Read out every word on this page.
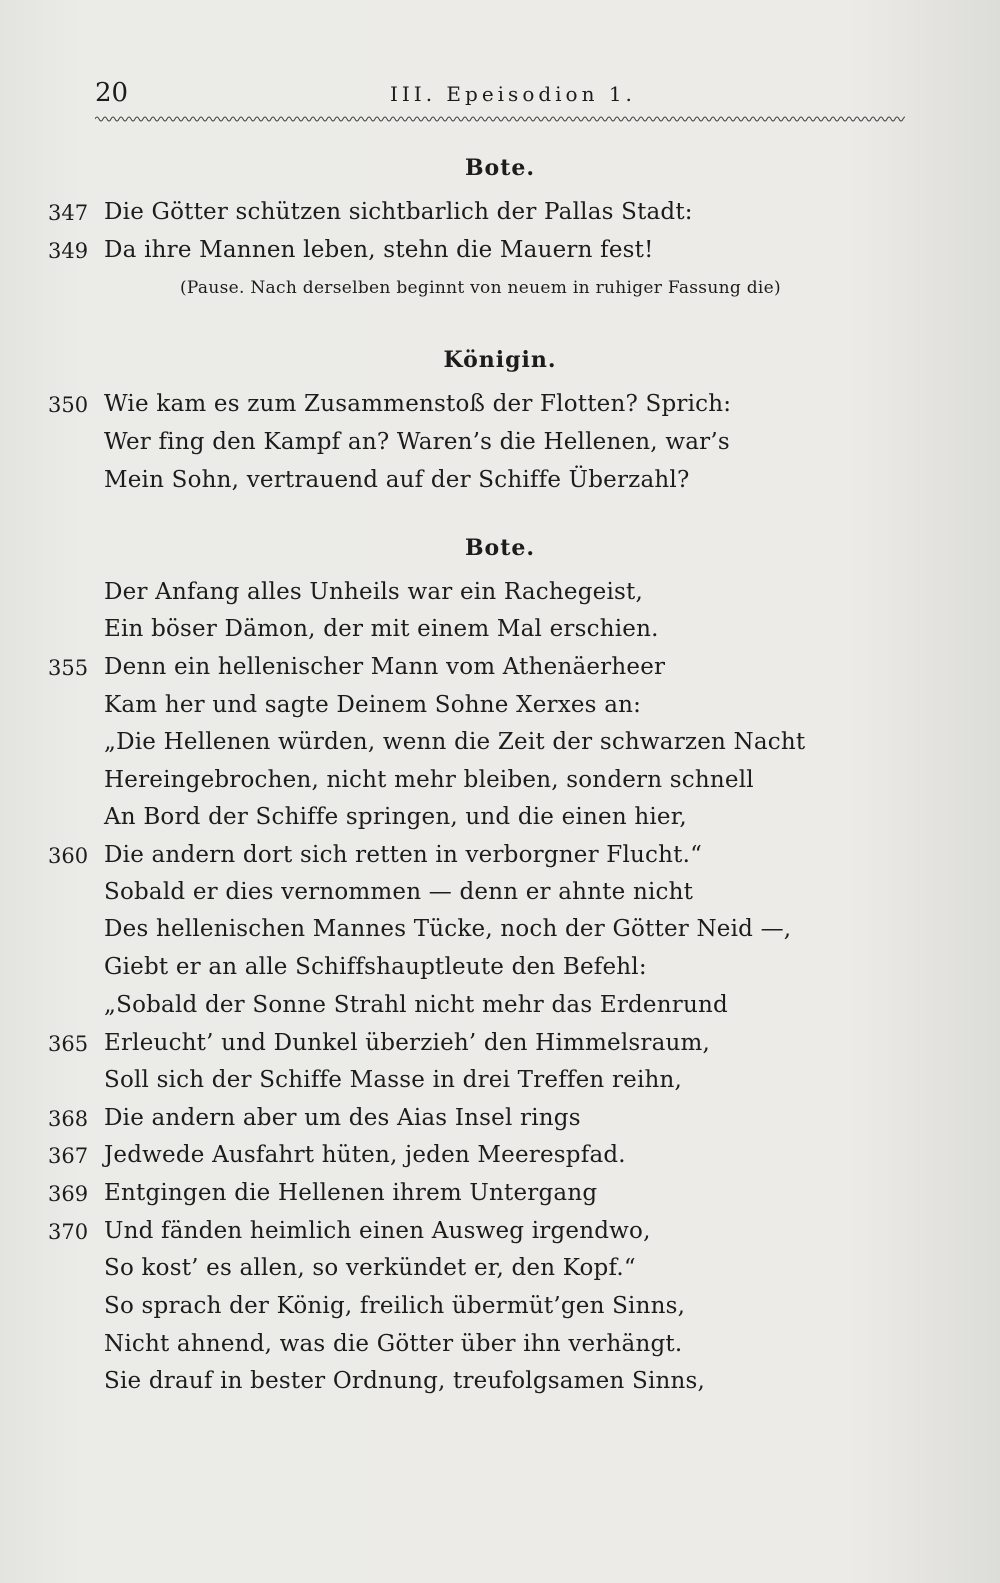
20	III. Epeisodion 1.
Bote.
347 Die Götter schützen sichtbarlich der Pallas Stadt:
349 Da ihre Mannen leben, stehn die Mauern fest!
(Pause. Nach derselben beginnt von neuem in ruhiger Fassung die)
Königin.
350 Wie kam es zum Zusammenstoß der Flotten? Sprich:
Wer fing den Kampf an? Waren’s die Hellenen, war’s
Mein Sohn, vertrauend auf der Schiffe Überzahl?
Bote.
Der Anfang alles Unheils war ein Rachegeist,
Ein böser Dämon, der mit einem Mal erschien.
355 Denn ein hellenischer Mann vom Athenäerheer
Kam her und sagte Deinem Sohne Xerxes an:
„Die Hellenen würden, wenn die Zeit der schwarzen Nacht
Hereingebrochen, nicht mehr bleiben, sondern schnell
An Bord der Schiffe springen, und die einen hier,
360 Die andern dort sich retten in verborgner Flucht.“
Sobald er dies vernommen — denn er ahnte nicht
Des hellenischen Mannes Tücke, noch der Götter Neid —,
Giebt er an alle Schiffshauptleute den Befehl:
„Sobald der Sonne Strahl nicht mehr das Erdenrund
365 Erleucht’ und Dunkel überzieh’ den Himmelsraum,
Soll sich der Schiffe Masse in drei Treffen reihn,
368 Die andern aber um des Aias Insel rings
367 Jedwede Ausfahrt hüten, jeden Meerespfad.
369 Entgingen die Hellenen ihrem Untergang
370 Und fänden heimlich einen Ausweg irgendwo,
So kost’ es allen, so verkündet er, den Kopf.“
So sprach der König, freilich übermüt’gen Sinns,
Nicht ahnend, was die Götter über ihn verhängt.
Sie drauf in bester Ordnung, treufolgsamen Sinns,
